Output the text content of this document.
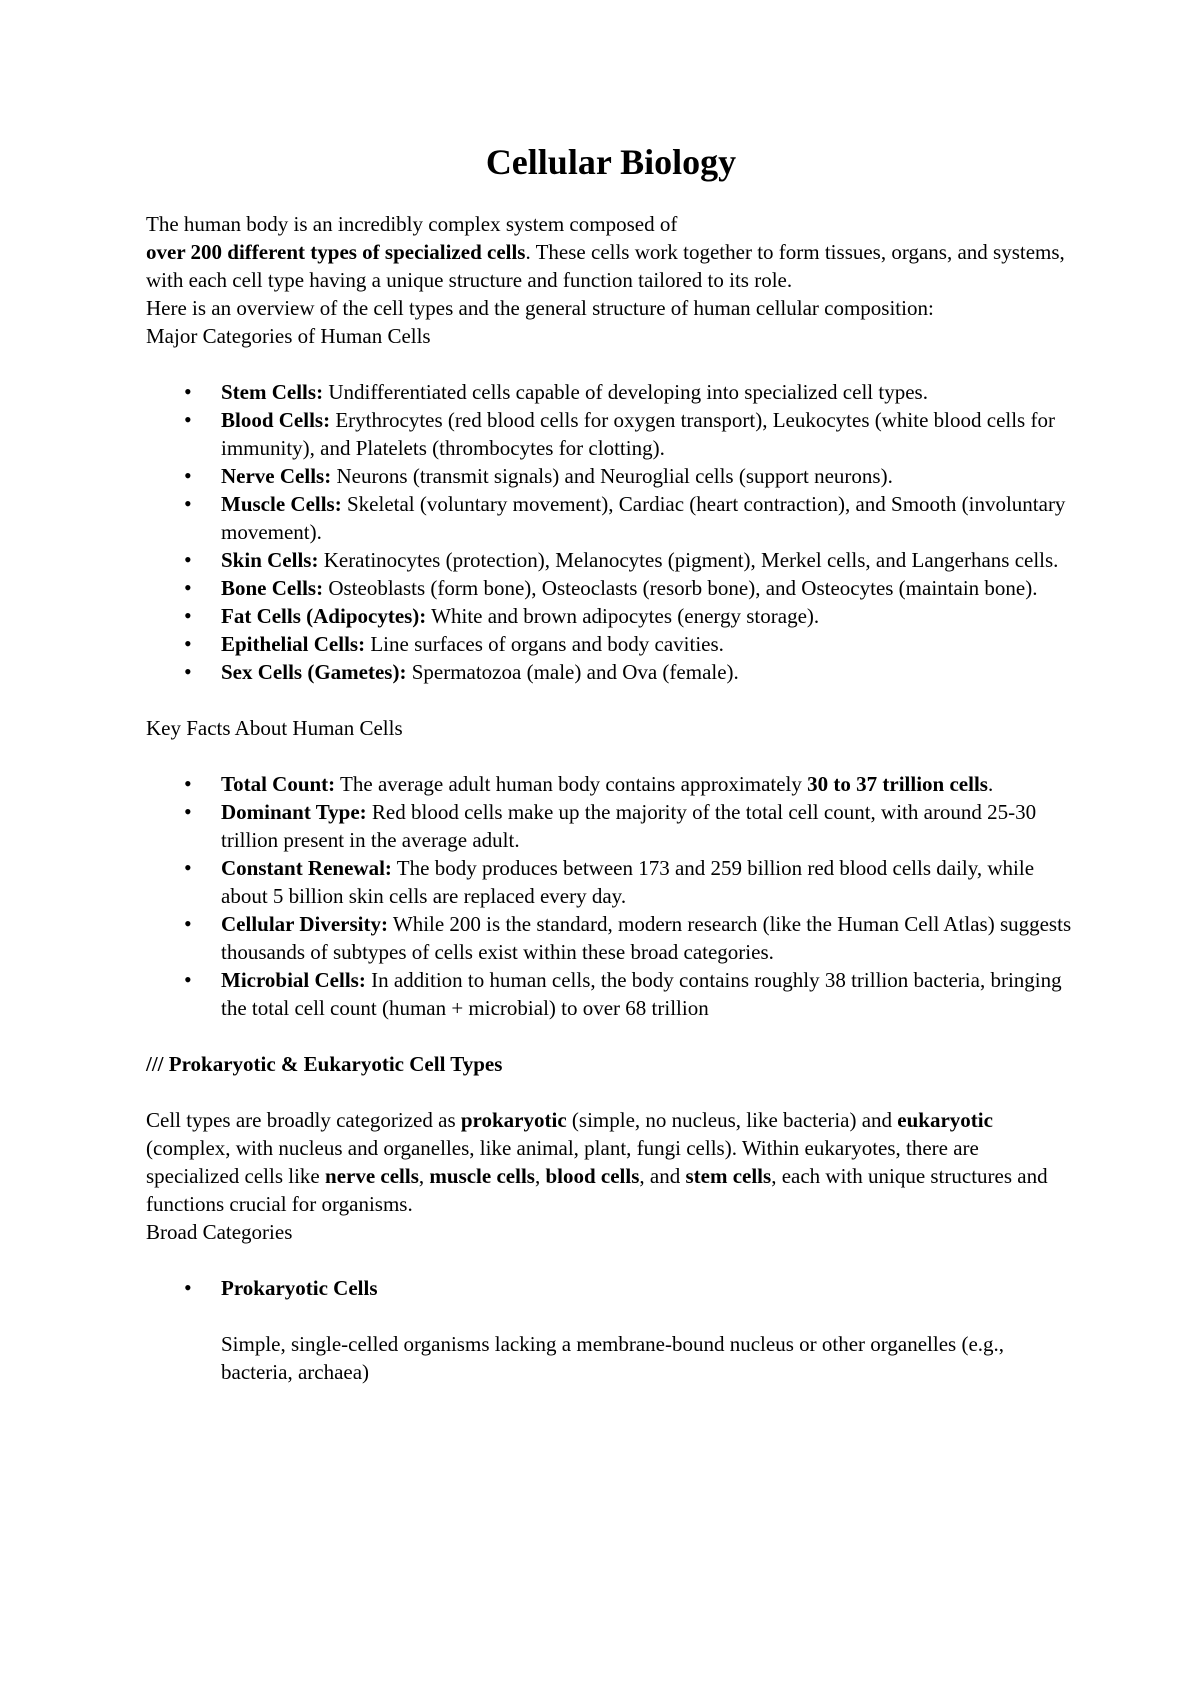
Cellular Biology

The human body is an incredibly complex system composed of
over 200 different types of specialized cells. These cells work together to form tissues, organs, and systems, with each cell type having a unique structure and function tailored to its role.

Here is an overview of the cell types and the general structure of human cellular composition:

Major Categories of Human Cells

• Stem Cells: Undifferentiated cells capable of developing into specialized cell types.
• Blood Cells: Erythrocytes (red blood cells for oxygen transport), Leukocytes (white blood cells for immunity), and Platelets (thrombocytes for clotting).
• Nerve Cells: Neurons (transmit signals) and Neuroglial cells (support neurons).
• Muscle Cells: Skeletal (voluntary movement), Cardiac (heart contraction), and Smooth (involuntary movement).
• Skin Cells: Keratinocytes (protection), Melanocytes (pigment), Merkel cells, and Langerhans cells.
• Bone Cells: Osteoblasts (form bone), Osteoclasts (resorb bone), and Osteocytes (maintain bone).
• Fat Cells (Adipocytes): White and brown adipocytes (energy storage).
• Epithelial Cells: Line surfaces of organs and body cavities.
• Sex Cells (Gametes): Spermatozoa (male) and Ova (female).

Key Facts About Human Cells

• Total Count: The average adult human body contains approximately 30 to 37 trillion cells.
• Dominant Type: Red blood cells make up the majority of the total cell count, with around 25-30 trillion present in the average adult.
• Constant Renewal: The body produces between 173 and 259 billion red blood cells daily, while about 5 billion skin cells are replaced every day.
• Cellular Diversity: While 200 is the standard, modern research (like the Human Cell Atlas) suggests thousands of subtypes of cells exist within these broad categories.
• Microbial Cells: In addition to human cells, the body contains roughly 38 trillion bacteria, bringing the total cell count (human + microbial) to over 68 trillion

/// Prokaryotic & Eukaryotic Cell Types

Cell types are broadly categorized as prokaryotic (simple, no nucleus, like bacteria) and eukaryotic (complex, with nucleus and organelles, like animal, plant, fungi cells). Within eukaryotes, there are specialized cells like nerve cells, muscle cells, blood cells, and stem cells, each with unique structures and functions crucial for organisms.

Broad Categories

• Prokaryotic Cells

Simple, single-celled organisms lacking a membrane-bound nucleus or other organelles (e.g., bacteria, archaea)
